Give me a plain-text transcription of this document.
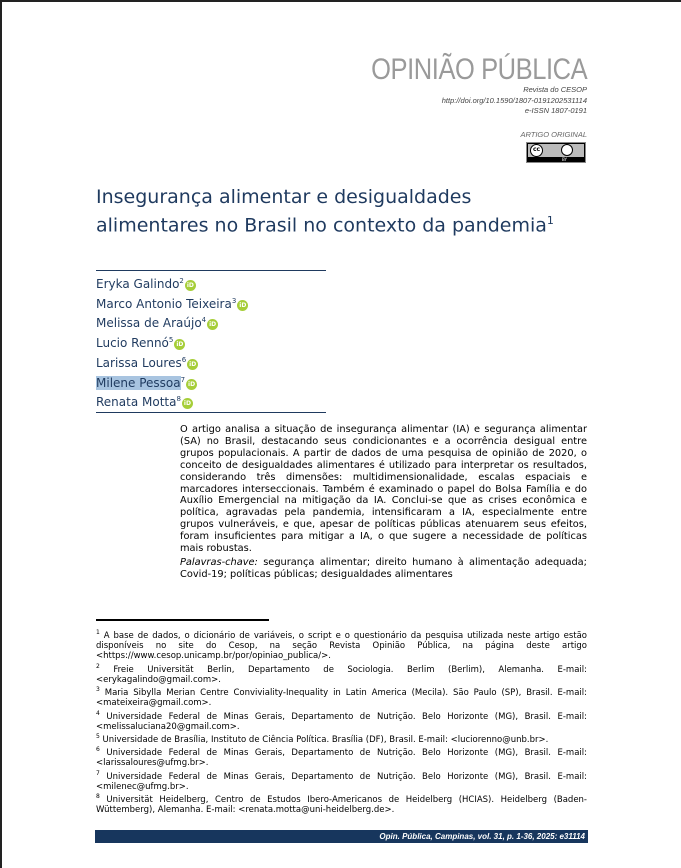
OPINIÃO PÚBLICA
Revista do CESOP
http://doi.org/10.1590/1807-0191202531114
e-ISSN 1807-0191
ARTIGO ORIGINAL
cc
BY
Insegurança alimentar e desigualdades alimentares no Brasil no contexto da pandemia$^1$
Eryka Galindo$^2$iD
Marco Antonio Teixeira$^3$iD
Melissa de Araújo$^4$iD
Lucio Rennó$^5$iD
Larissa Loures$^6$iD
Milene Pessoa$^7$iD
Renata Motta$^8$iD
O artigo analisa a situação de insegurança alimentar (IA) e segurança alimentar (SA) no Brasil, destacando seus condicionantes e a ocorrência desigual entre grupos populacionais. A partir de dados de uma pesquisa de opinião de 2020, o conceito de desigualdades alimentares é utilizado para interpretar os resultados, considerando três dimensões: multidimensionalidade, escalas espaciais e marcadores interseccionais. Também é examinado o papel do Bolsa Família e do Auxílio Emergencial na mitigação da IA. Conclui-se que as crises econômica e política, agravadas pela pandemia, intensificaram a IA, especialmente entre grupos vulneráveis, e que, apesar de políticas públicas atenuarem seus efeitos, foram insuficientes para mitigar a IA, o que sugere a necessidade de políticas mais robustas.
Palavras-chave: segurança alimentar; direito humano à alimentação adequada; Covid-19; políticas públicas; desigualdades alimentares
$^1$ A base de dados, o dicionário de variáveis, o script e o questionário da pesquisa utilizada neste artigo estão disponíveis no site do Cesop, na seção Revista Opinião Pública, na página deste artigo <https://www.cesop.unicamp.br/por/opiniao_publica/>.
$^2$ Freie Universität Berlin, Departamento de Sociologia. Berlim (Berlim), Alemanha. E-mail: <erykagalindo@gmail.com>.
$^3$ Maria Sibylla Merian Centre Conviviality-Inequality in Latin America (Mecila). São Paulo (SP), Brasil. E-mail: <mateixeira@gmail.com>.
$^4$ Universidade Federal de Minas Gerais, Departamento de Nutrição. Belo Horizonte (MG), Brasil. E-mail: <melissaluciana20@gmail.com>.
$^5$ Universidade de Brasília, Instituto de Ciência Política. Brasília (DF), Brasil. E-mail: <luciorenno@unb.br>.
$^6$ Universidade Federal de Minas Gerais, Departamento de Nutrição. Belo Horizonte (MG), Brasil. E-mail: <larissaloures@ufmg.br>.
$^7$ Universidade Federal de Minas Gerais, Departamento de Nutrição. Belo Horizonte (MG), Brasil. E-mail: <milenec@ufmg.br>.
$^8$ Universität Heidelberg, Centro de Estudos Ibero-Americanos de Heidelberg (HCIAS). Heidelberg (Baden-Wüttemberg), Alemanha. E-mail: <renata.motta@uni-heidelberg.de>.
Opin. Pública, Campinas, vol. 31, p. 1-36, 2025: e31114
